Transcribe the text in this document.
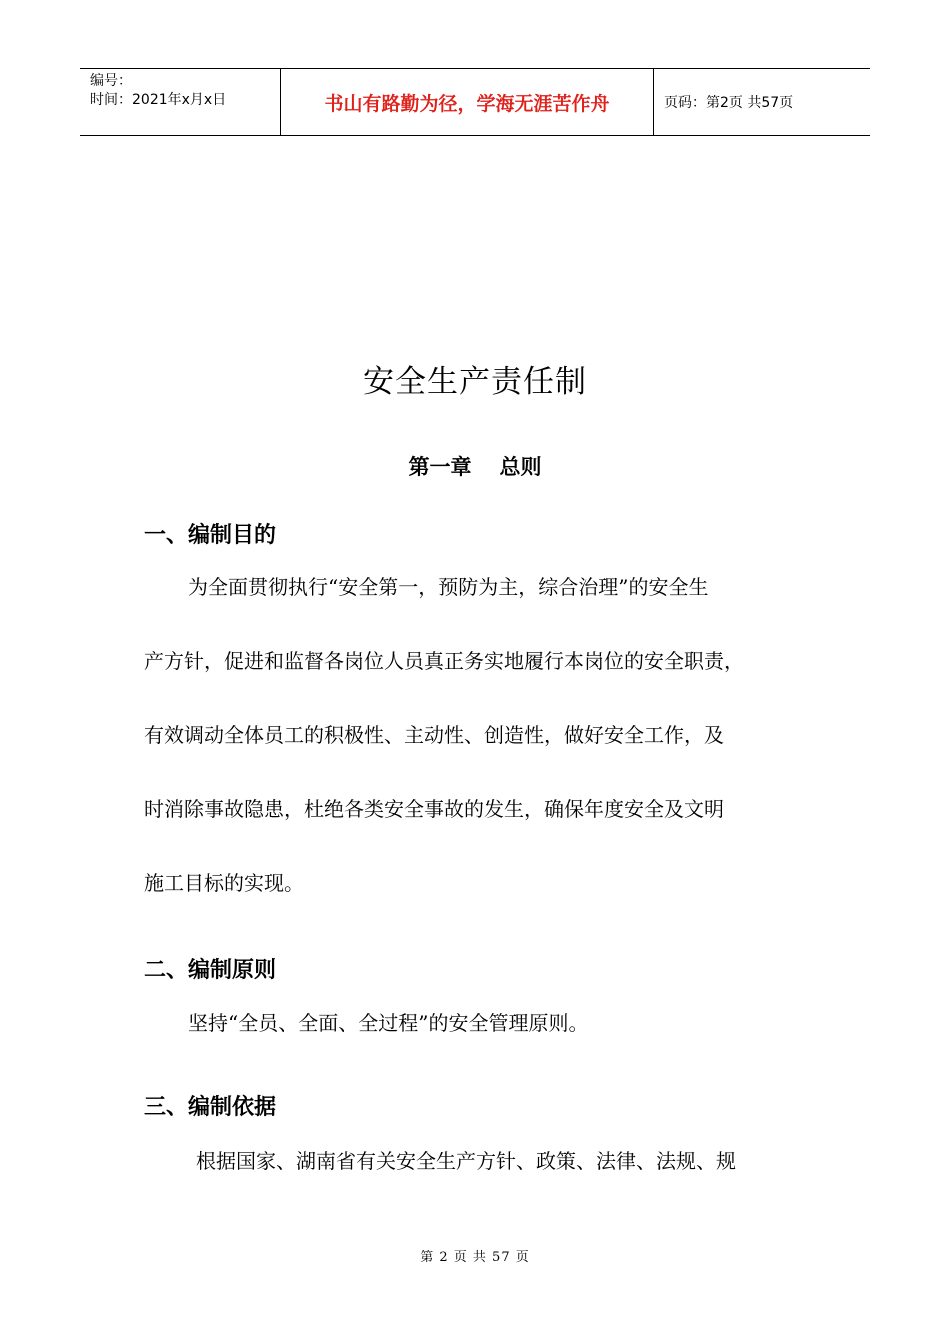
编号：
时间：2021年x月x日	书山有路勤为径，学海无涯苦作舟	页码：第2页 共57页
安全生产责任制
第一章 总则
一、编制目的
为全面贯彻执行“安全第一，预防为主，综合治理”的安全生
产方针，促进和监督各岗位人员真正务实地履行本岗位的安全职责，
有效调动全体员工的积极性、主动性、创造性，做好安全工作，及
时消除事故隐患，杜绝各类安全事故的发生，确保年度安全及文明
施工目标的实现。
二、编制原则
坚持“全员、全面、全过程”的安全管理原则。
三、编制依据
根据国家、湖南省有关安全生产方针、政策、法律、法规、规
第 2 页 共 57 页
